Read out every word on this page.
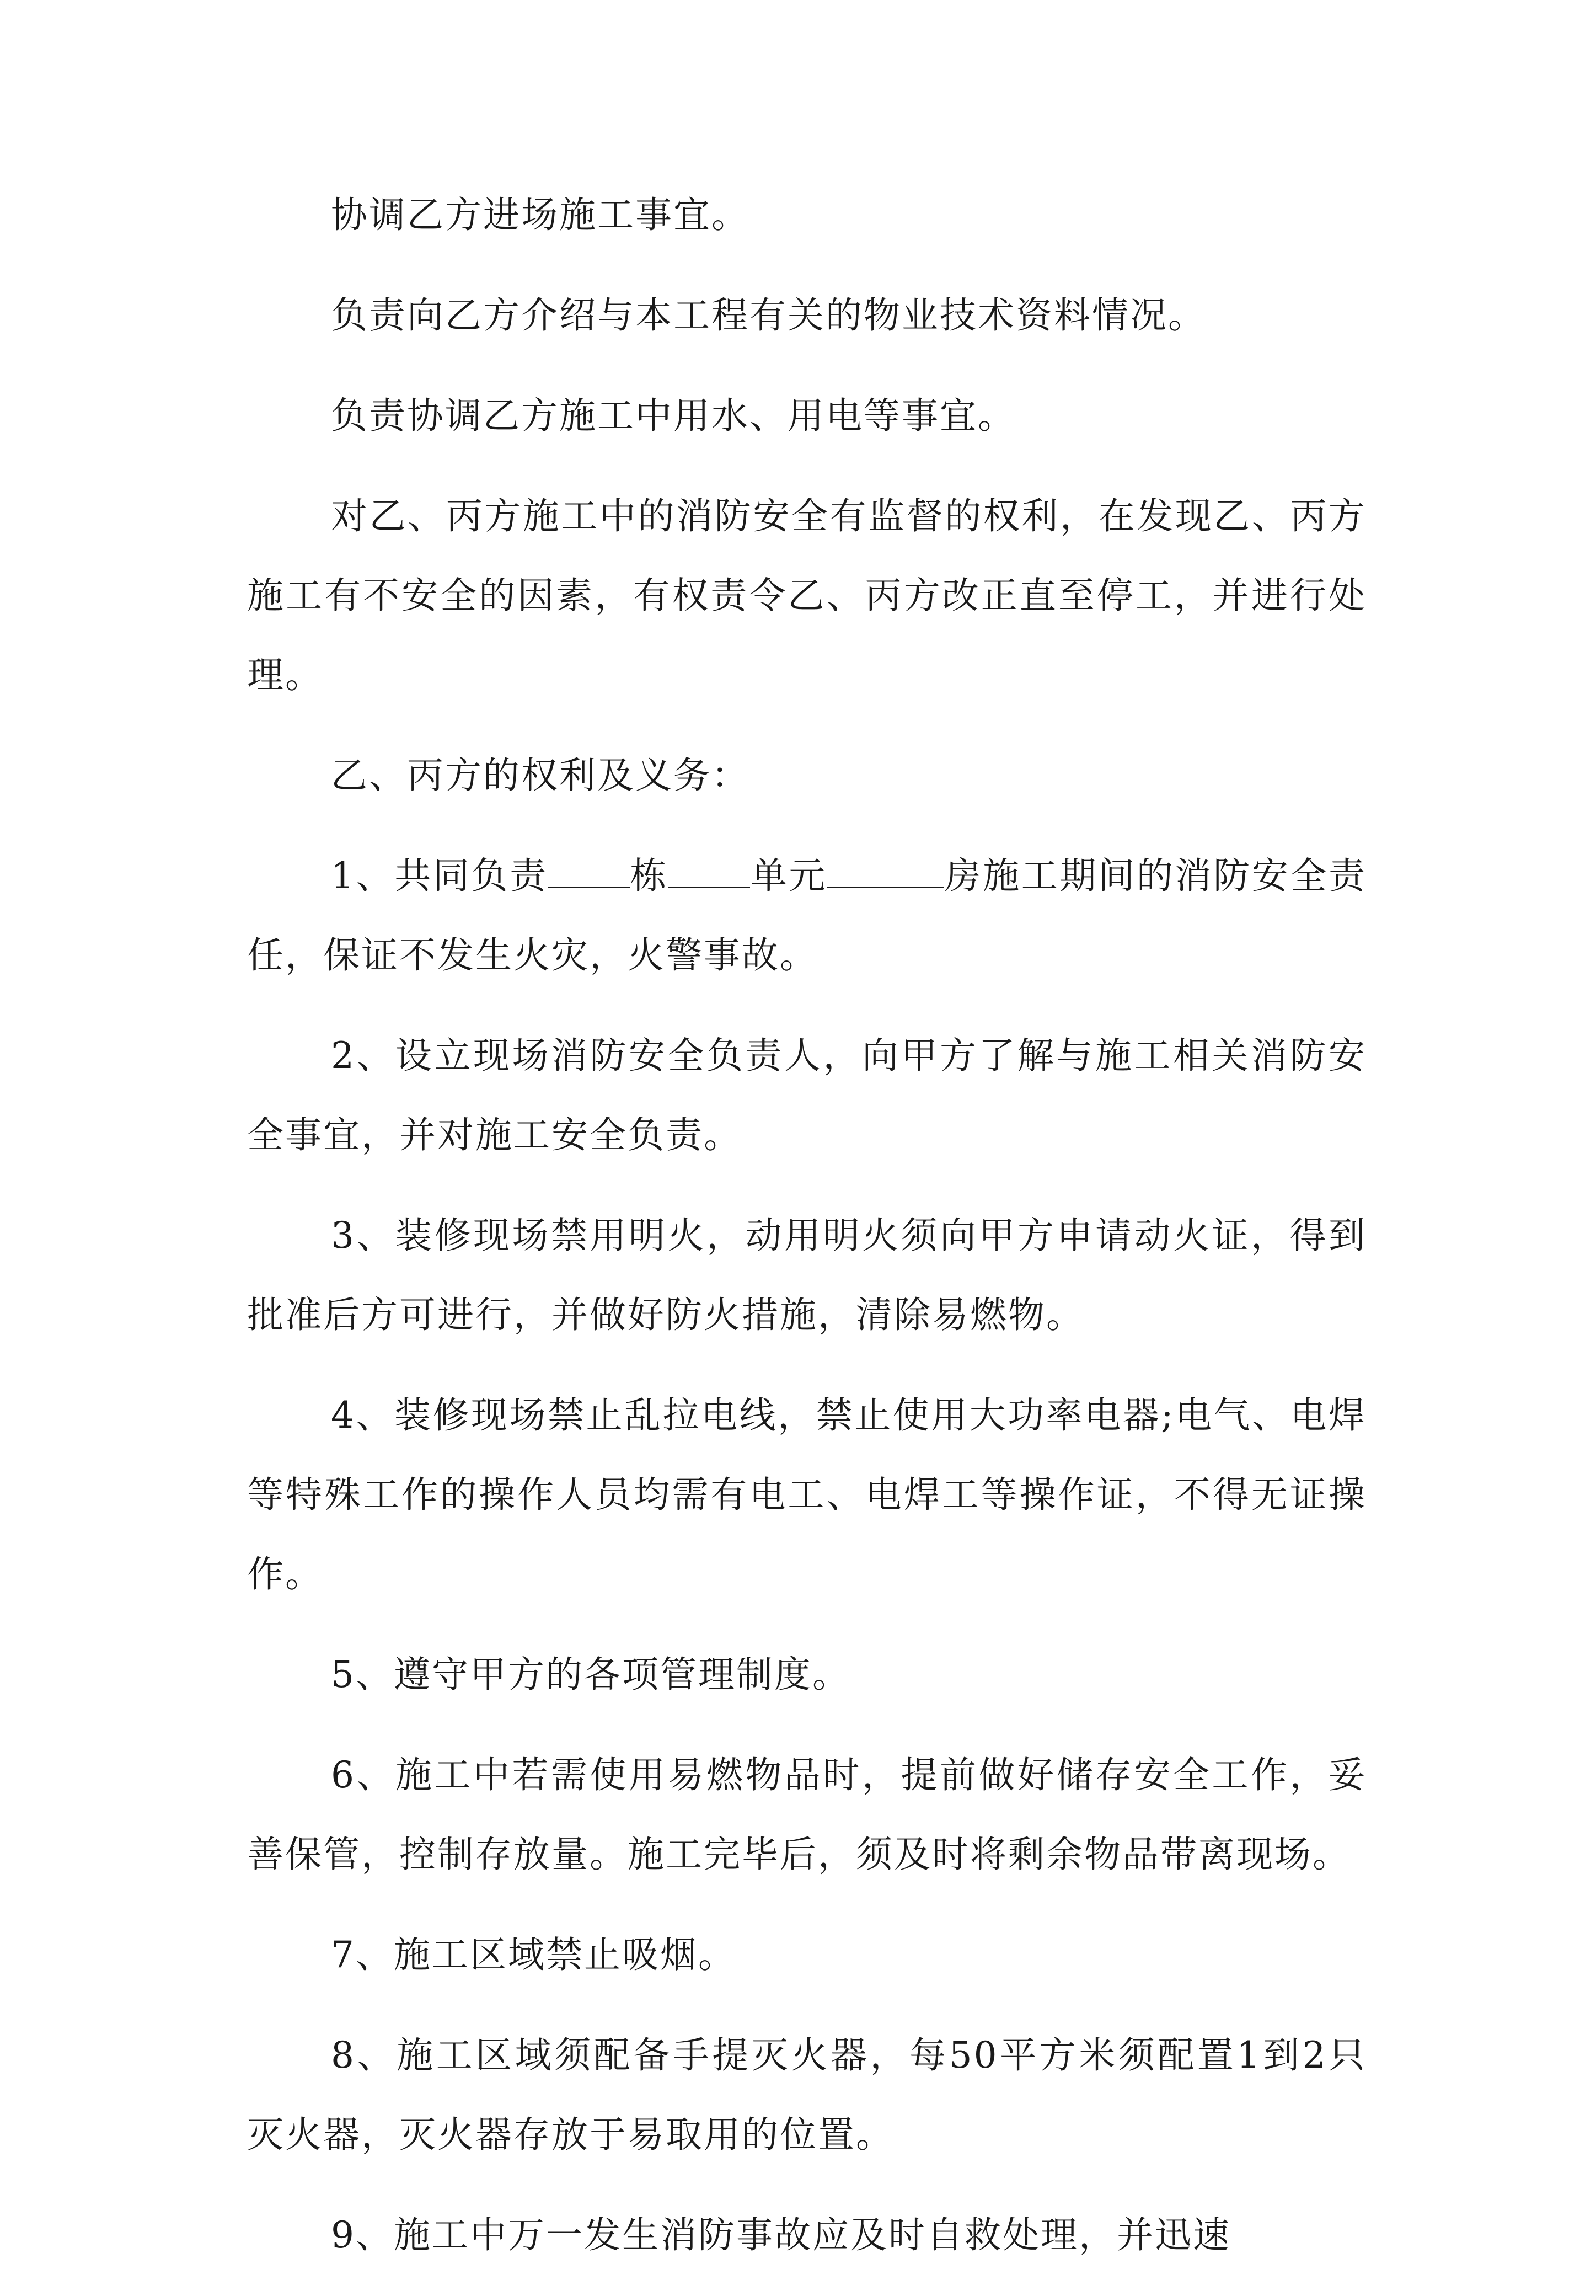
协调乙方进场施工事宜。

负责向乙方介绍与本工程有关的物业技术资料情况。

负责协调乙方施工中用水、用电等事宜。

对乙、丙方施工中的消防安全有监督的权利，在发现乙、丙方施工有不安全的因素，有权责令乙、丙方改正直至停工，并进行处理。

乙、丙方的权利及义务：

1、共同负责 栋 单元	房施工期间的消防安全责任，保证不发生火灾，火警事故。

2、设立现场消防安全负责人，向甲方了解与施工相关消防安全事宜，并对施工安全负责。

3、装修现场禁用明火，动用明火须向甲方申请动火证，得到批准后方可进行，并做好防火措施，清除易燃物。

4、装修现场禁止乱拉电线，禁止使用大功率电器;电气、电焊等特殊工作的操作人员均需有电工、电焊工等操作证，不得无证操作。

5、遵守甲方的各项管理制度。

6、施工中若需使用易燃物品时，提前做好储存安全工作，妥善保管，控制存放量。施工完毕后，须及时将剩余物品带离现场。

7、施工区域禁止吸烟。

8、施工区域须配备手提灭火器，每50平方米须配置1到2只灭火器，灭火器存放于易取用的位置。

9、施工中万一发生消防事故应及时自救处理，并迅速
